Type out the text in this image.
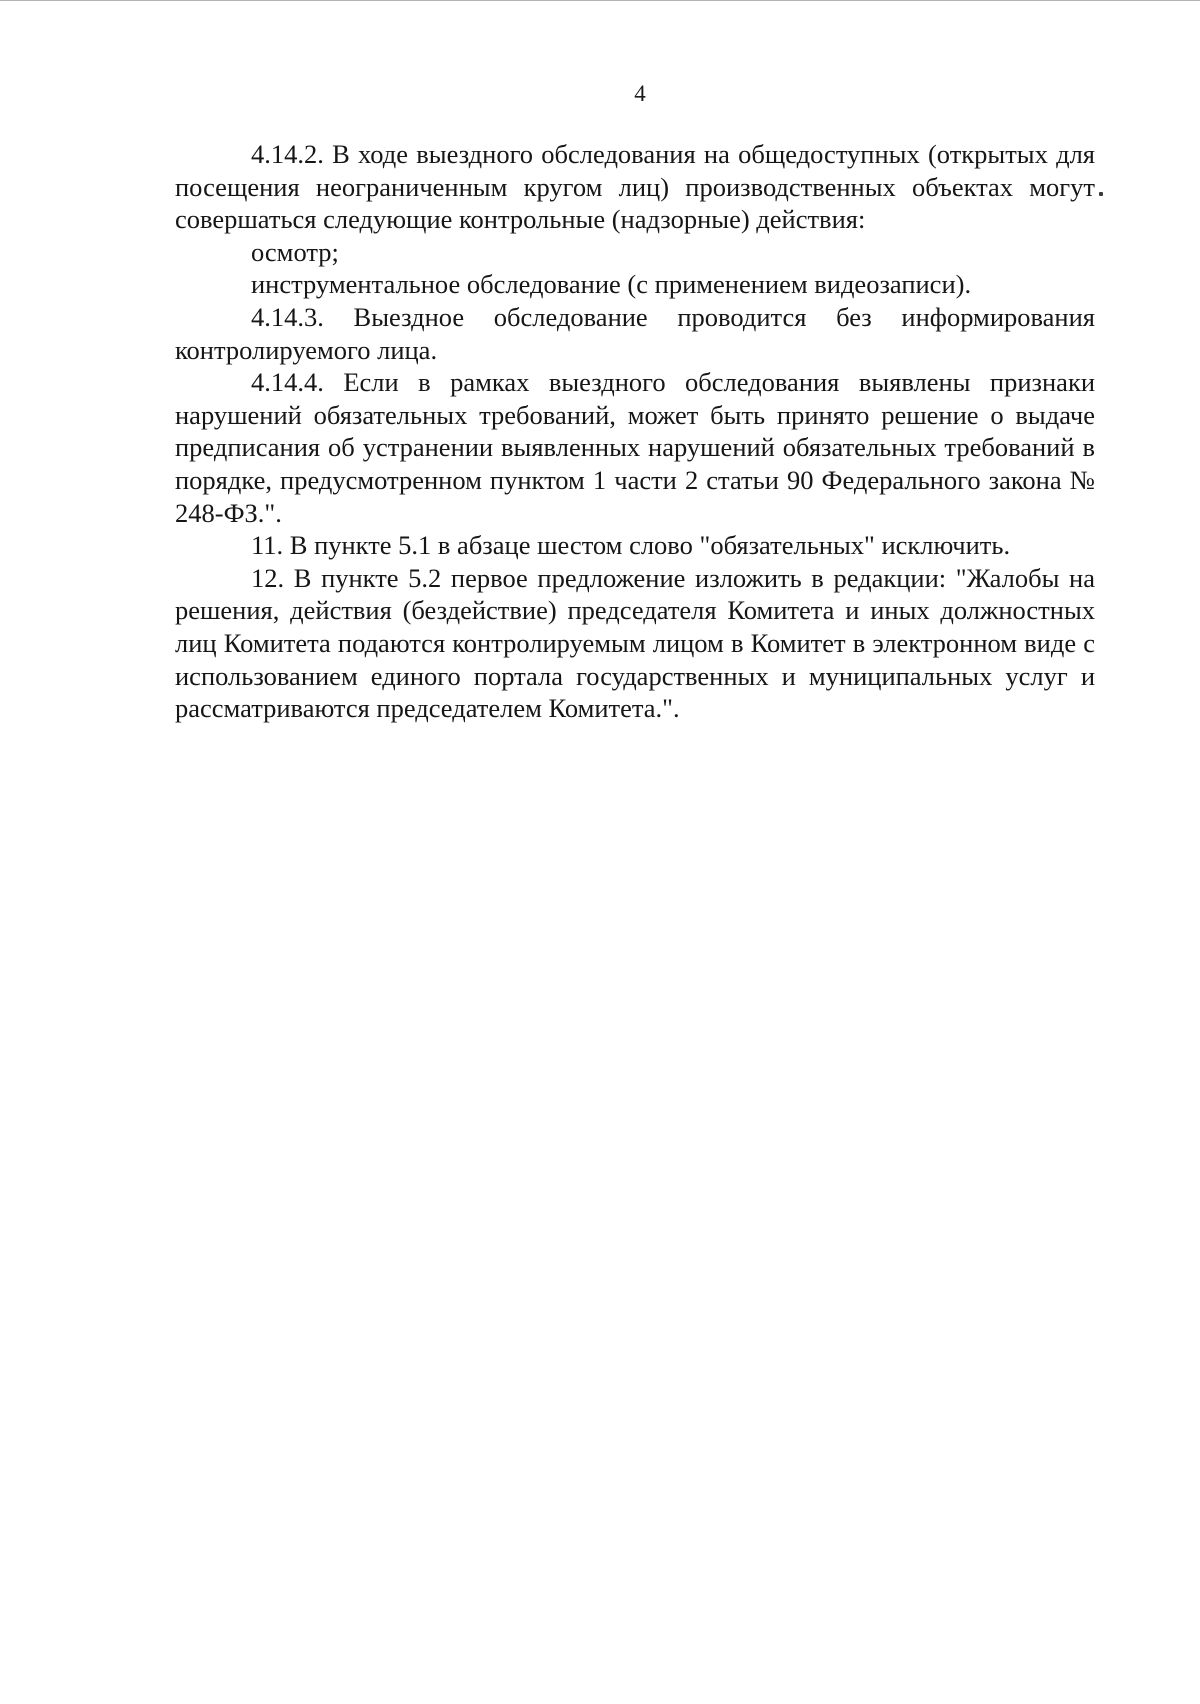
4

4.14.2. В ходе выездного обследования на общедоступных (открытых для посещения неограниченным кругом лиц) производственных объектах могут совершаться следующие контрольные (надзорные) действия:

осмотр;

инструментальное обследование (с применением видеозаписи).

4.14.3. Выездное обследование проводится без информирования контролируемого лица.

4.14.4. Если в рамках выездного обследования выявлены признаки нарушений обязательных требований, может быть принято решение о выдаче предписания об устранении выявленных нарушений обязательных требований в порядке, предусмотренном пунктом 1 части 2 статьи 90 Федерального закона № 248-ФЗ.".

11. В пункте 5.1 в абзаце шестом слово "обязательных" исключить.

12. В пункте 5.2 первое предложение изложить в редакции: "Жалобы на решения, действия (бездействие) председателя Комитета и иных должностных лиц Комитета подаются контролируемым лицом в Комитет в электронном виде с использованием единого портала государственных и муниципальных услуг и рассматриваются председателем Комитета.".
